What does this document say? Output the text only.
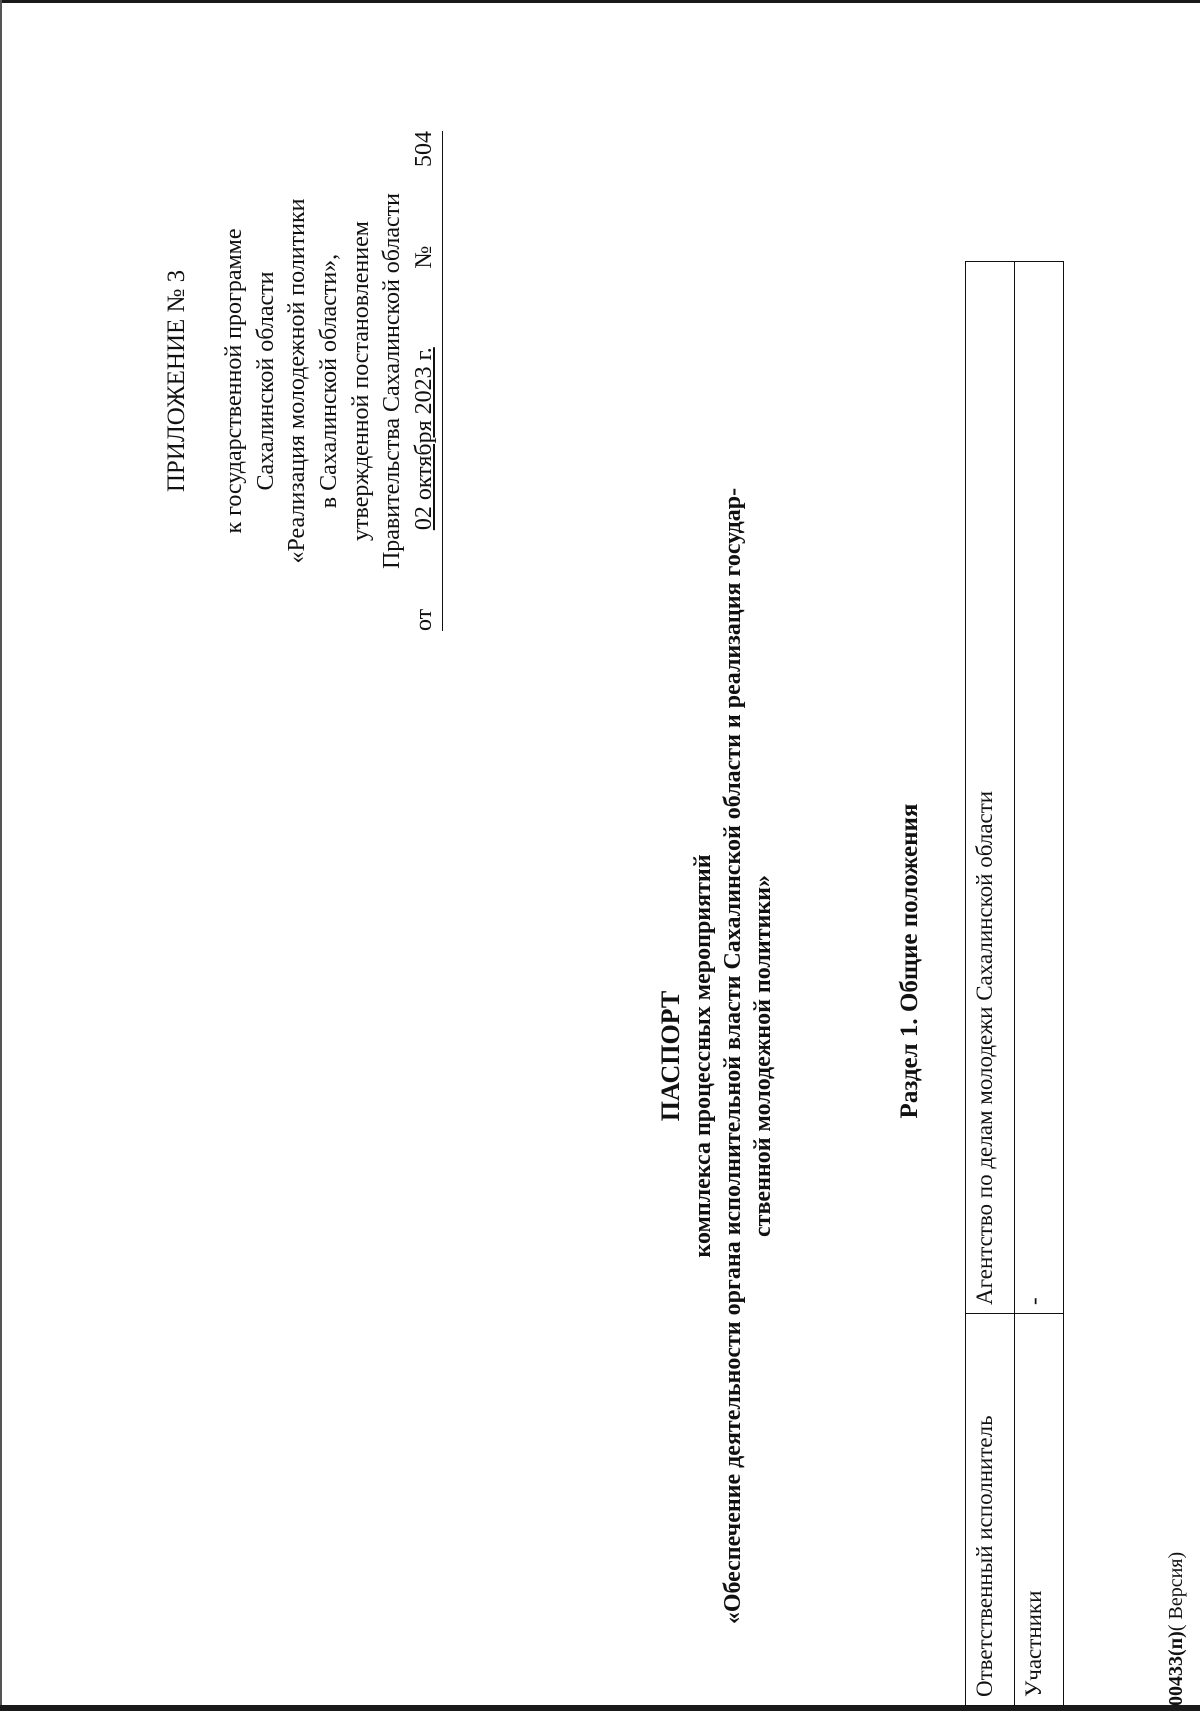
ПРИЛОЖЕНИЕ № 3 к государственной программе Сахалинской области «Реализация молодежной политики в Сахалинской области», утвержденной постановлением Правительства Сахалинской области
от
02 октября 2023 г.
№
504
ПАСПОРТ комплекса процессных мероприятий «Обеспечение деятельности органа исполнительной власти Сахалинской области и реализация государ- ственной молодежной политики»	Раздел 1. Общие положения
Ответственный исполнитель	Агентство по делам молодежи Сахалинской области
Участники	-
00433(п)( Версия)
